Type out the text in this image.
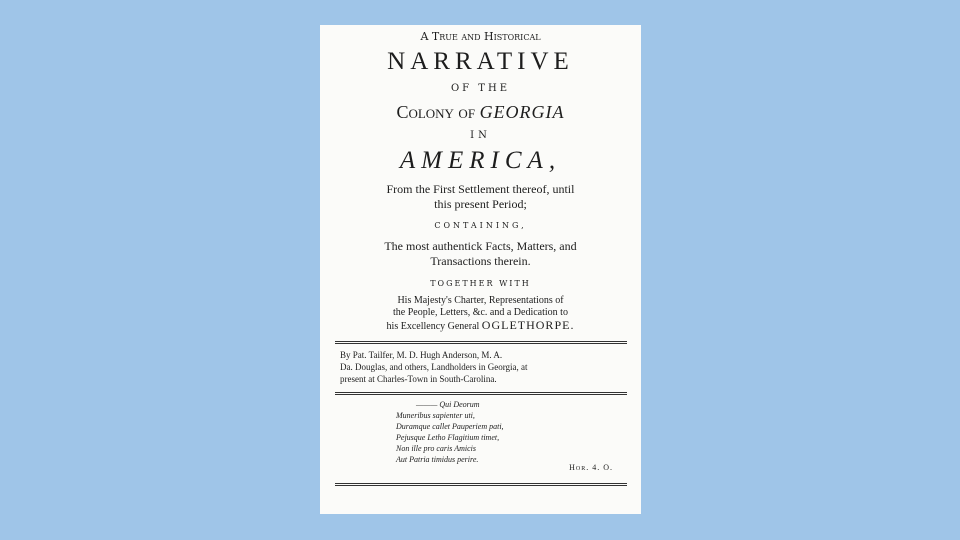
A True and Historical
NARRATIVE
OF THE
Colony of GEORGIA
IN
AMERICA,
From the First Settlement thereof, until
this present Period;
CONTAINING,
The most authentick Facts, Matters, and
Transactions therein.
TOGETHER WITH
His Majesty's Charter, Representations of
the People, Letters, &c. and a Dedication to
his Excellency General OGLETHORPE.
By Pat. Tailfer, M. D. Hugh Anderson, M. A.
Da. Douglas, and others, Landholders in Georgia, at
present at Charles-Town in South-Carolina.
——— Qui Deorum
Muneribus sapienter uti,
Duramque callet Pauperiem pati,
Pejusque Letho Flagitium timet,
Non ille pro caris Amicis
Aut Patria timidus perire.
Hor. 4. O.
